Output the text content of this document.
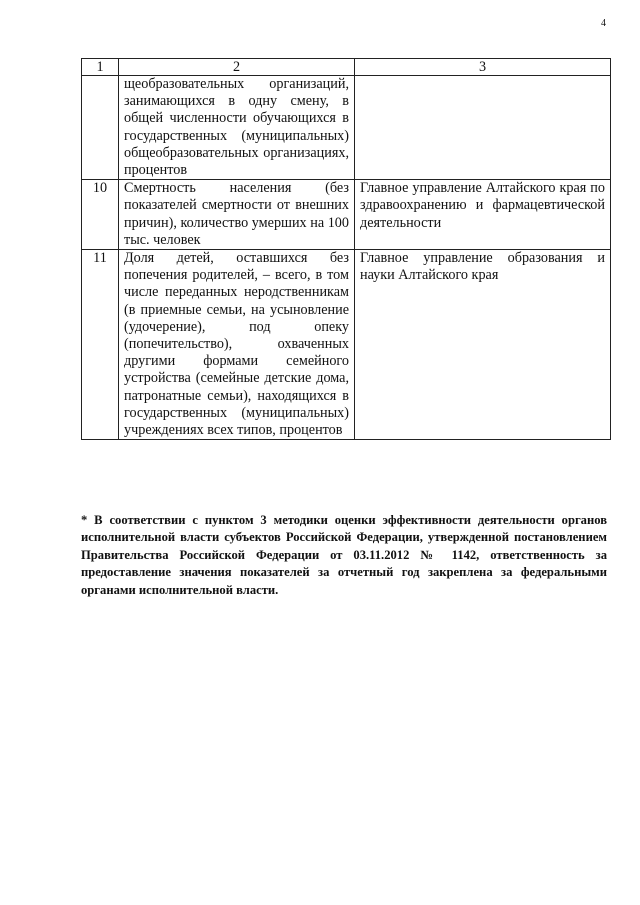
4
1	2	3
	щеобразовательных организаций, занимающихся в одну смену, в общей численности обучающихся в государственных (муниципальных) общеобразовательных организациях, процентов	
10	Смертность населения (без показателей смертности от внешних причин), количество умерших на 100 тыс. человек	Главное управление Алтайского края по здравоохранению и фармацевтической деятельности
11	Доля детей, оставшихся без попечения родителей, – всего, в том числе переданных неродственникам (в приемные семьи, на усыновление (удочерение), под опеку (попечительство), охваченных другими формами семейного устройства (семейные детские дома, патронатные семьи), находящихся в государственных (муниципальных) учреждениях всех типов, процентов	Главное управление образования и науки Алтайского края
* В соответствии с пунктом 3 методики оценки эффективности деятельности органов исполнительной власти субъектов Российской Федерации, утвержденной постановлением Правительства Российской Федерации от 03.11.2012 № 1142, ответственность за предоставление значения показателей за отчетный год закреплена за федеральными органами исполнительной власти.
